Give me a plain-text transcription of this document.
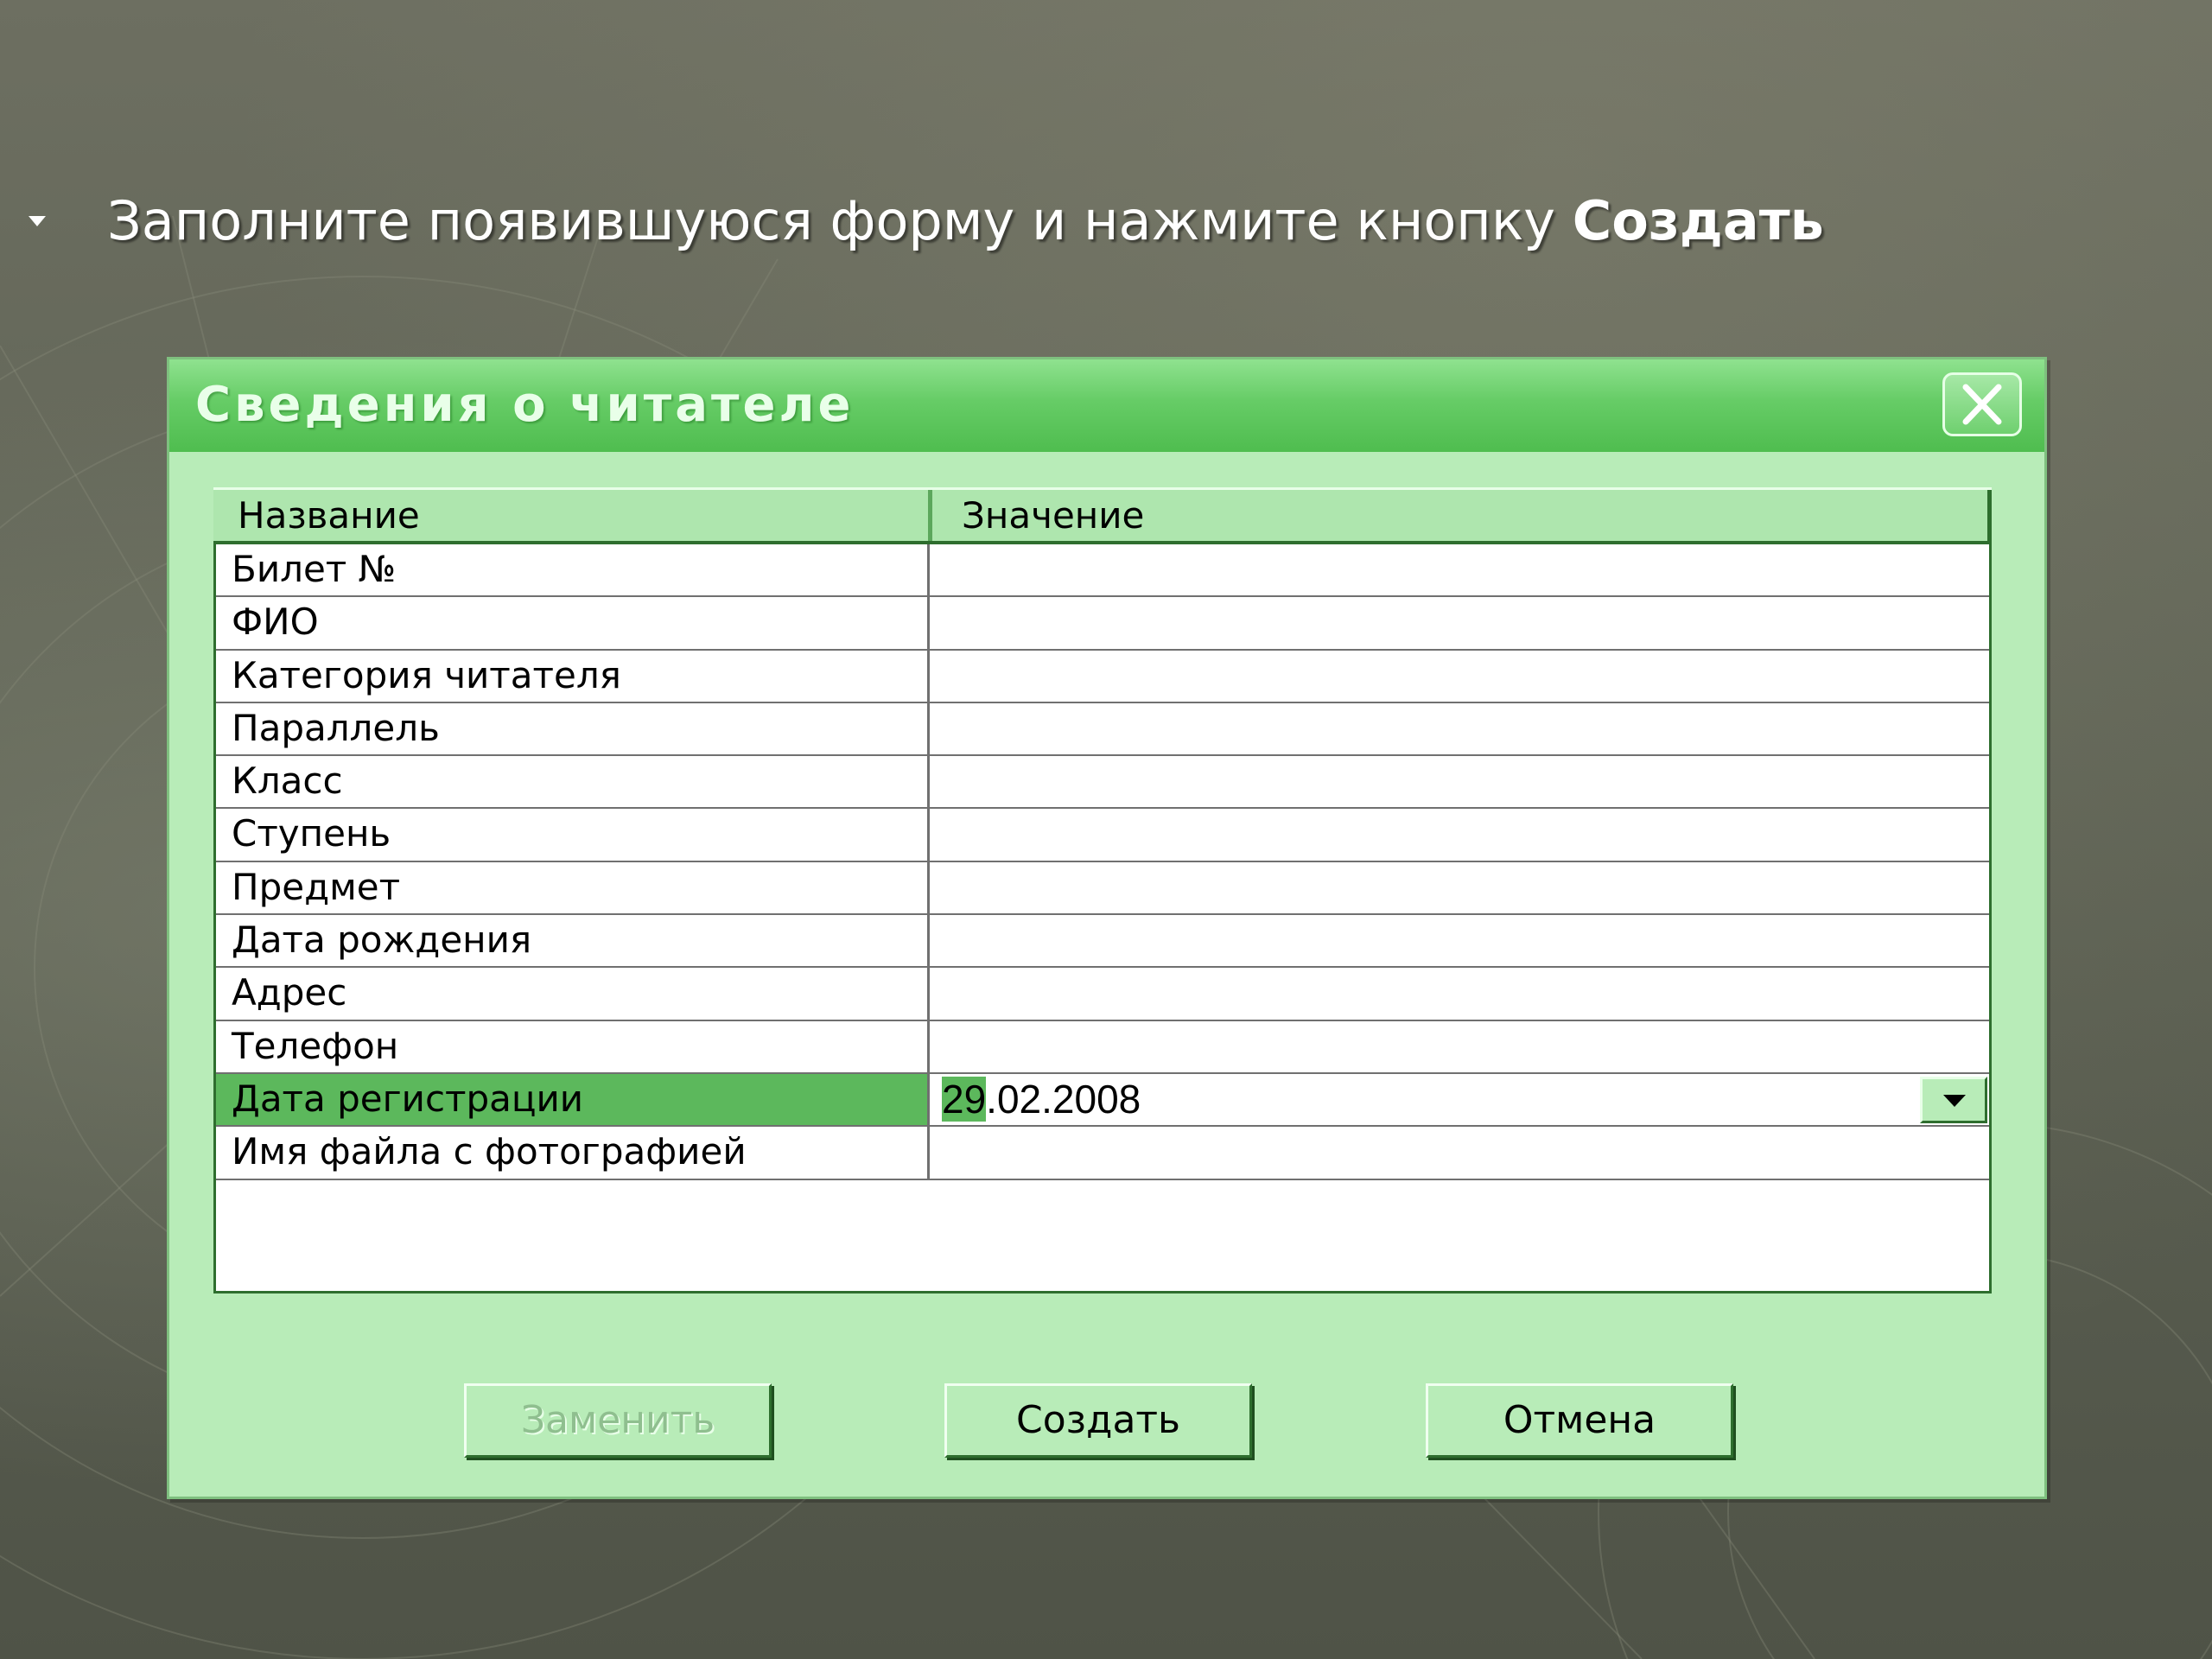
Заполните появившуюся форму и нажмите кнопку Создать
Сведения о читателе
Название	Значение
Билет №
ФИО
Категория читателя
Параллель
Класс
Ступень
Предмет
Дата рождения
Адрес
Телефон
Дата регистрации	29.02.2008
Имя файла с фотографией
Заменить	Создать	Отмена
